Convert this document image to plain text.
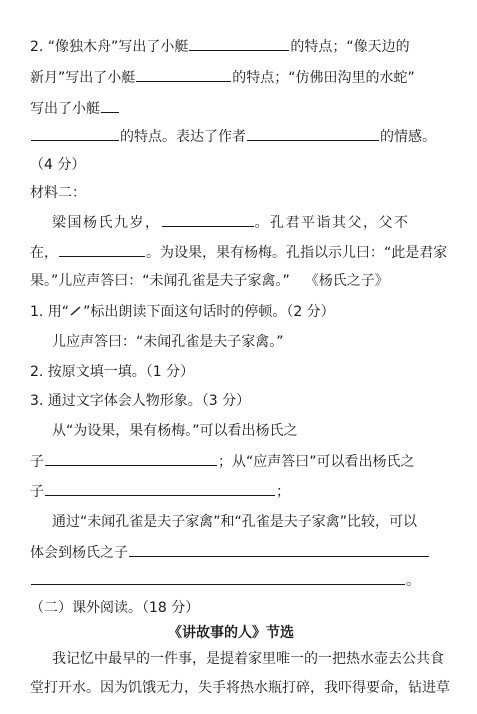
2. “像独木舟”写出了小艇	的特点；“像天边的
新月”写出了小艇	的特点；“仿佛田沟里的水蛇”
写出了小艇
的特点。表达了作者	的情感。
（4 分）
材料二：
梁国杨氏九岁，	。孔君平诣其父，父不
在，	。为设果，果有杨梅。孔指以示儿曰：“此是君家
果。”儿应声答曰：“未闻孔雀是夫子家禽。” 《杨氏之子》
1. 用“ ”标出朗读下面这句话时的停顿。（2 分）
儿应声答曰：“未闻孔雀是夫子家禽。”
2. 按原文填一填。（1 分）
3. 通过文字体会人物形象。（3 分）
从“为设果，果有杨梅。”可以看出杨氏之
子	；从“应声答曰”可以看出杨氏之
子	；
通过“未闻孔雀是夫子家禽”和“孔雀是夫子家禽”比较，可以
体会到杨氏之子
。
（二）课外阅读。（18 分）
《讲故事的人》节选
我记忆中最早的一件事，是提着家里唯一的一把热水壶去公共食
堂打开水。因为饥饿无力，失手将热水瓶打碎，我吓得要命，钻进草
